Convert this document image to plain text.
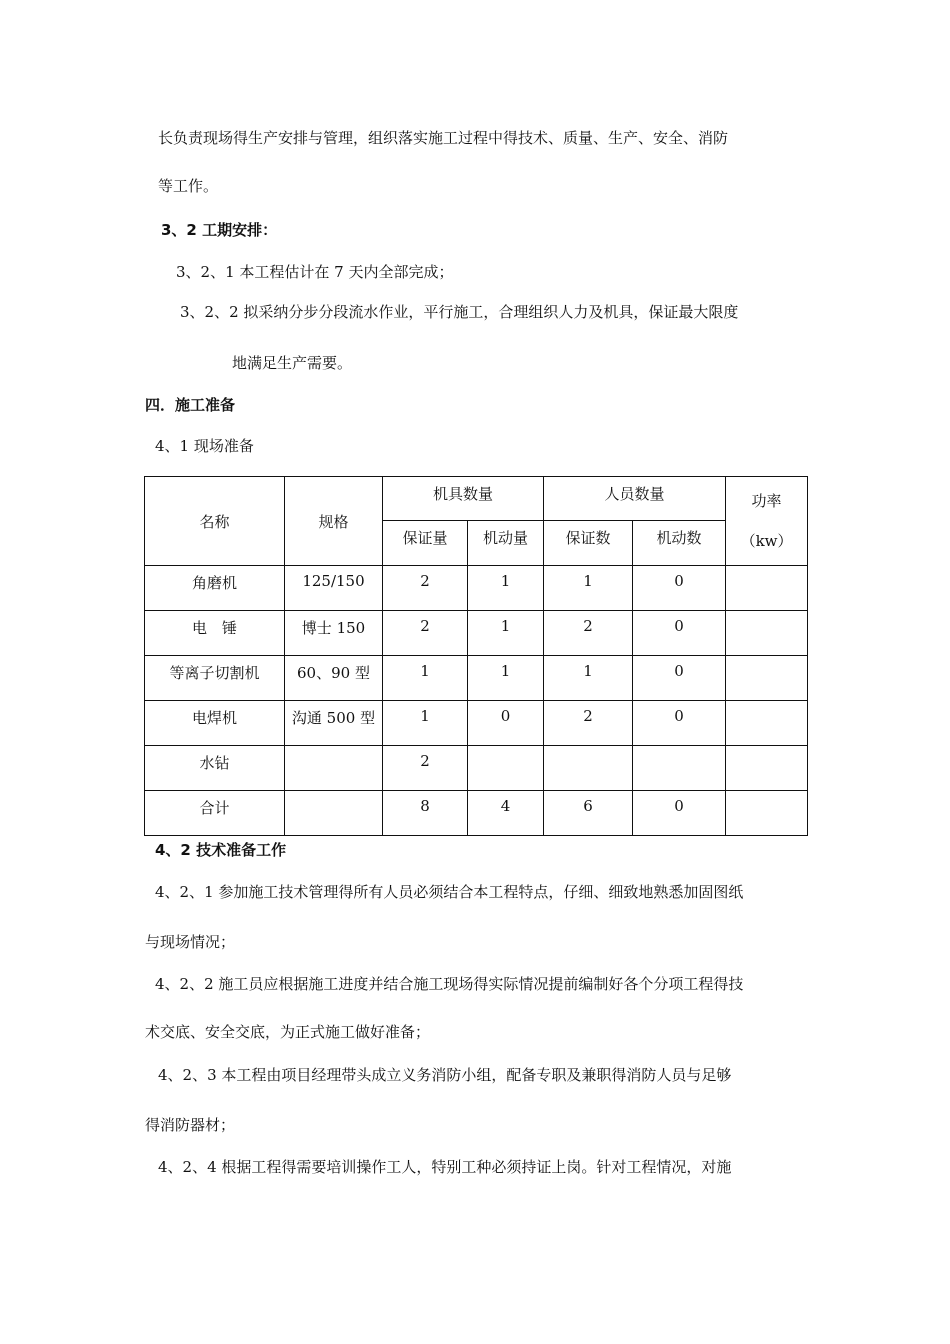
长负责现场得生产安排与管理，组织落实施工过程中得技术、质量、生产、安全、消防
等工作。
3、2 工期安排：
3、2、1 本工程估计在 7 天内全部完成；
3、2、2 拟采纳分步分段流水作业，平行施工，合理组织人力及机具，保证最大限度
地满足生产需要。
四．施工准备
4、1 现场准备
名称	规格	机具数量		人员数量		功率
（kw）
		保证量	机动量	保证数	机动数	
角磨机	125/150	2	1	1	0	
电　锤	博士 150	2	1	2	0	
等离子切割机	60、90 型	1	1	1	0	
电焊机	沟通 500 型	1	0	2	0	
水钻		2				
合计		8	4	6	0	
4、2 技术准备工作
4、2、1 参加施工技术管理得所有人员必须结合本工程特点，仔细、细致地熟悉加固图纸
与现场情况；
4、2、2 施工员应根据施工进度并结合施工现场得实际情况提前编制好各个分项工程得技
术交底、安全交底，为正式施工做好准备；
4、2、3 本工程由项目经理带头成立义务消防小组，配备专职及兼职得消防人员与足够
得消防器材；
4、2、4 根据工程得需要培训操作工人，特别工种必须持证上岗。针对工程情况，对施
